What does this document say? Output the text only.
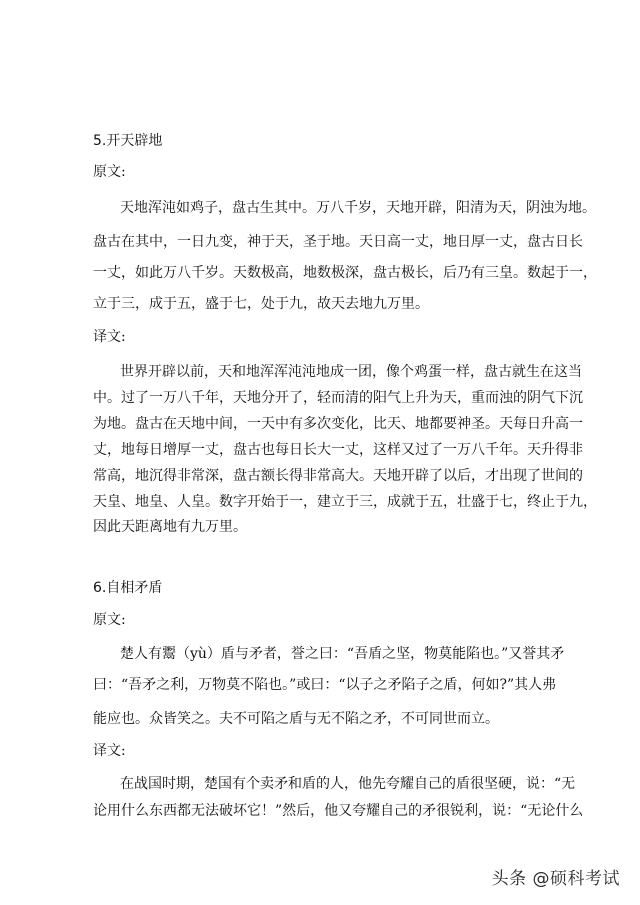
5.开天辟地
原文:
天地浑沌如鸡子，盘古生其中。万八千岁，天地开辟，阳清为天，阴浊为地。
盘古在其中，一日九变，神于天，圣于地。天日高一丈，地日厚一丈，盘古日长
一丈，如此万八千岁。天数极高，地数极深，盘古极长，后乃有三皇。数起于一，
立于三，成于五，盛于七，处于九，故天去地九万里。
译文:
世界开辟以前，天和地浑浑沌沌地成一团，像个鸡蛋一样，盘古就生在这当
中。过了一万八千年，天地分开了，轻而清的阳气上升为天，重而浊的阴气下沉
为地。盘古在天地中间，一天中有多次变化，比天、地都要神圣。天每日升高一
丈，地每日增厚一丈，盘古也每日长大一丈，这样又过了一万八千年。天升得非
常高，地沉得非常深，盘古额长得非常高大。天地开辟了以后，才出现了世间的
天皇、地皇、人皇。数字开始于一，建立于三，成就于五，壮盛于七，终止于九，
因此天距离地有九万里。
6.自相矛盾
原文:
楚人有鬻（yù）盾与矛者，誉之曰：“吾盾之坚，物莫能陷也。”又誉其矛
曰：“吾矛之利，万物莫不陷也。”或曰：“以子之矛陷子之盾，何如?”其人弗
能应也。众皆笑之。夫不可陷之盾与无不陷之矛，不可同世而立。
译文:
在战国时期，楚国有个卖矛和盾的人，他先夸耀自己的盾很坚硬，说：“无
论用什么东西都无法破坏它！”然后，他又夸耀自己的矛很锐利，说：“无论什么
头条 @硕科考试
